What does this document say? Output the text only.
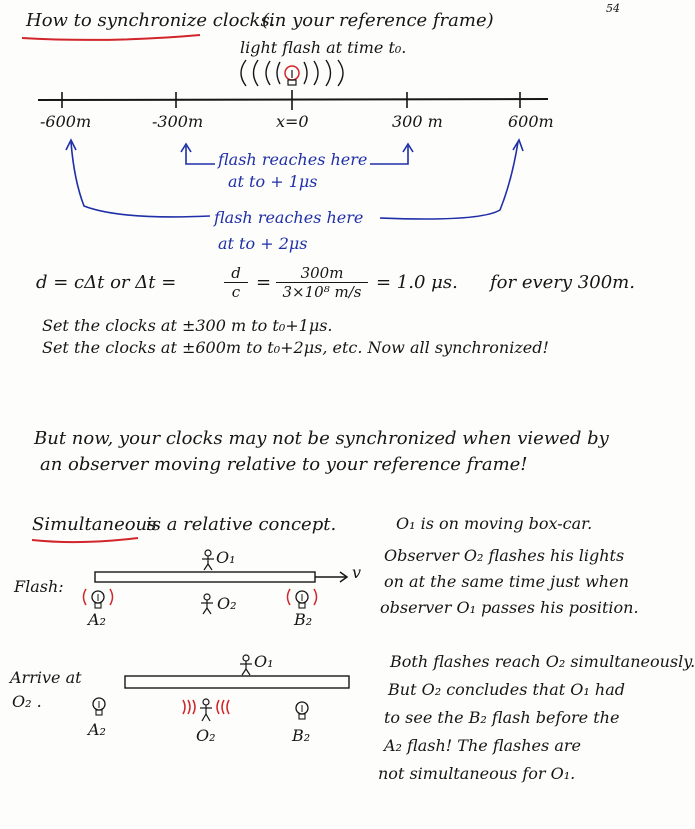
54
How to synchronize clocks.
(in your reference frame)
light flash at time t₀.
-600m	-300m	x=0	300 m	600m
flash reaches here
at to + 1μs
flash reaches here
at to + 2μs
d = cΔt or Δt =	$\frac{d}{c} = \frac{300m}{\text{3×10⁸ m/s}} = 1.0$ μs. for every 300m.
Set the clocks at ±300 m to t₀+1μs.
Set the clocks at ±600m to t₀+2μs, etc. Now all synchronized!
But now, your clocks may not be synchronized when viewed by
an observer moving relative to your reference frame!
Simultaneous
is a relative concept.	O₁ is on moving box-car.
Observer O₂ flashes his lights
on at the same time just when
observer O₁ passes his position.
Flash:
O₁
O₂
A₂	B₂
v
Arrive at
O₂ .
O₁
O₂
A₂	B₂
Both flashes reach O₂ simultaneously.
But O₂ concludes that O₁ had
to see the B₂ flash before the
A₂ flash! The flashes are
not simultaneous for O₁.
